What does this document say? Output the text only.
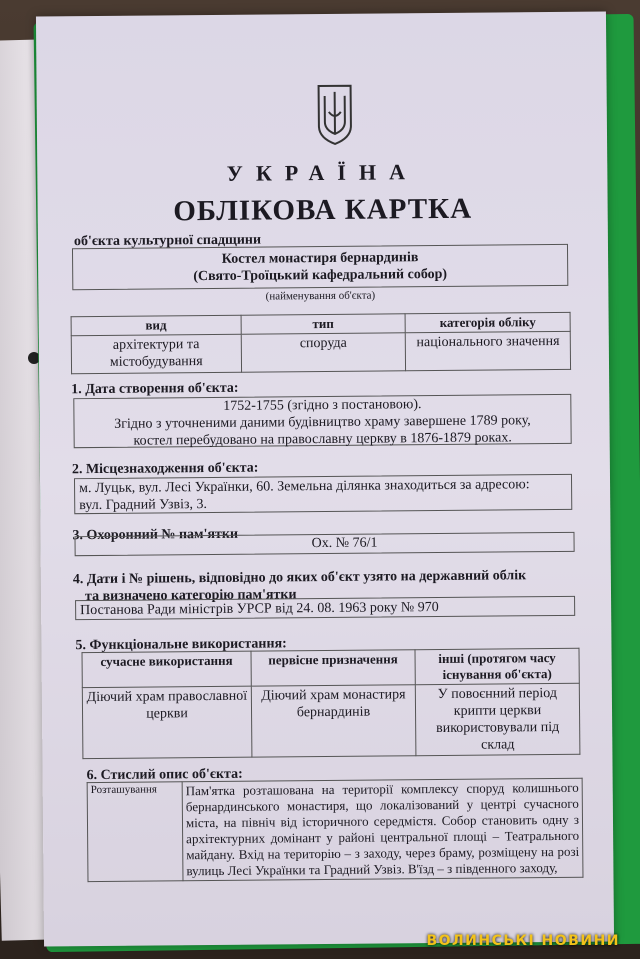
УКРАЇНА
ОБЛІКОВА КАРТКА
об'єкта культурної спадщини
Костел монастиря бернардинів
(Свято-Троїцький кафедральний собор)
(найменування об'єкта)
вид	тип	категорія обліку
архітектури та містобудування	споруда	національного значення
1. Дата створення об'єкта:
1752-1755 (згідно з постановою).
Згідно з уточненими даними будівництво храму завершене 1789 року,
костел перебудовано на православну церкву в 1876-1879 роках.
2. Місцезнаходження об'єкта:
м. Луцьк, вул. Лесі Українки, 60. Земельна ділянка знаходиться за адресою:
вул. Градний Узвіз, 3.
3. Охоронний № пам'ятки
Ох. № 76/1
4. Дати і № рішень, відповідно до яких об'єкт узято на державний облік
та визначено категорію пам'ятки
Постанова Ради міністрів УРСР від 24. 08. 1963 року № 970
5. Функціональне використання:
сучасне використання	первісне призначення	інші (протягом часу існування об'єкта)
Діючий храм православної церкви	Діючий храм монастиря бернардинів	У повоєнний період крипти церкви використовували під склад
6. Стислий опис об'єкта:
Розташування	Пам'ятка розташована на території комплексу споруд колишнього бернардинського монастиря, що локалізований у центрі сучасного міста, на північ від історичного середмістя. Собор становить одну з архітектурних домінант у районі центральної площі – Театрального майдану. Вхід на територію – з заходу, через браму, розміщену на розі вулиць Лесі Українки та Градний Узвіз. В'їзд – з південного заходу,
ВОЛИНСЬКІ НОВИНИ
